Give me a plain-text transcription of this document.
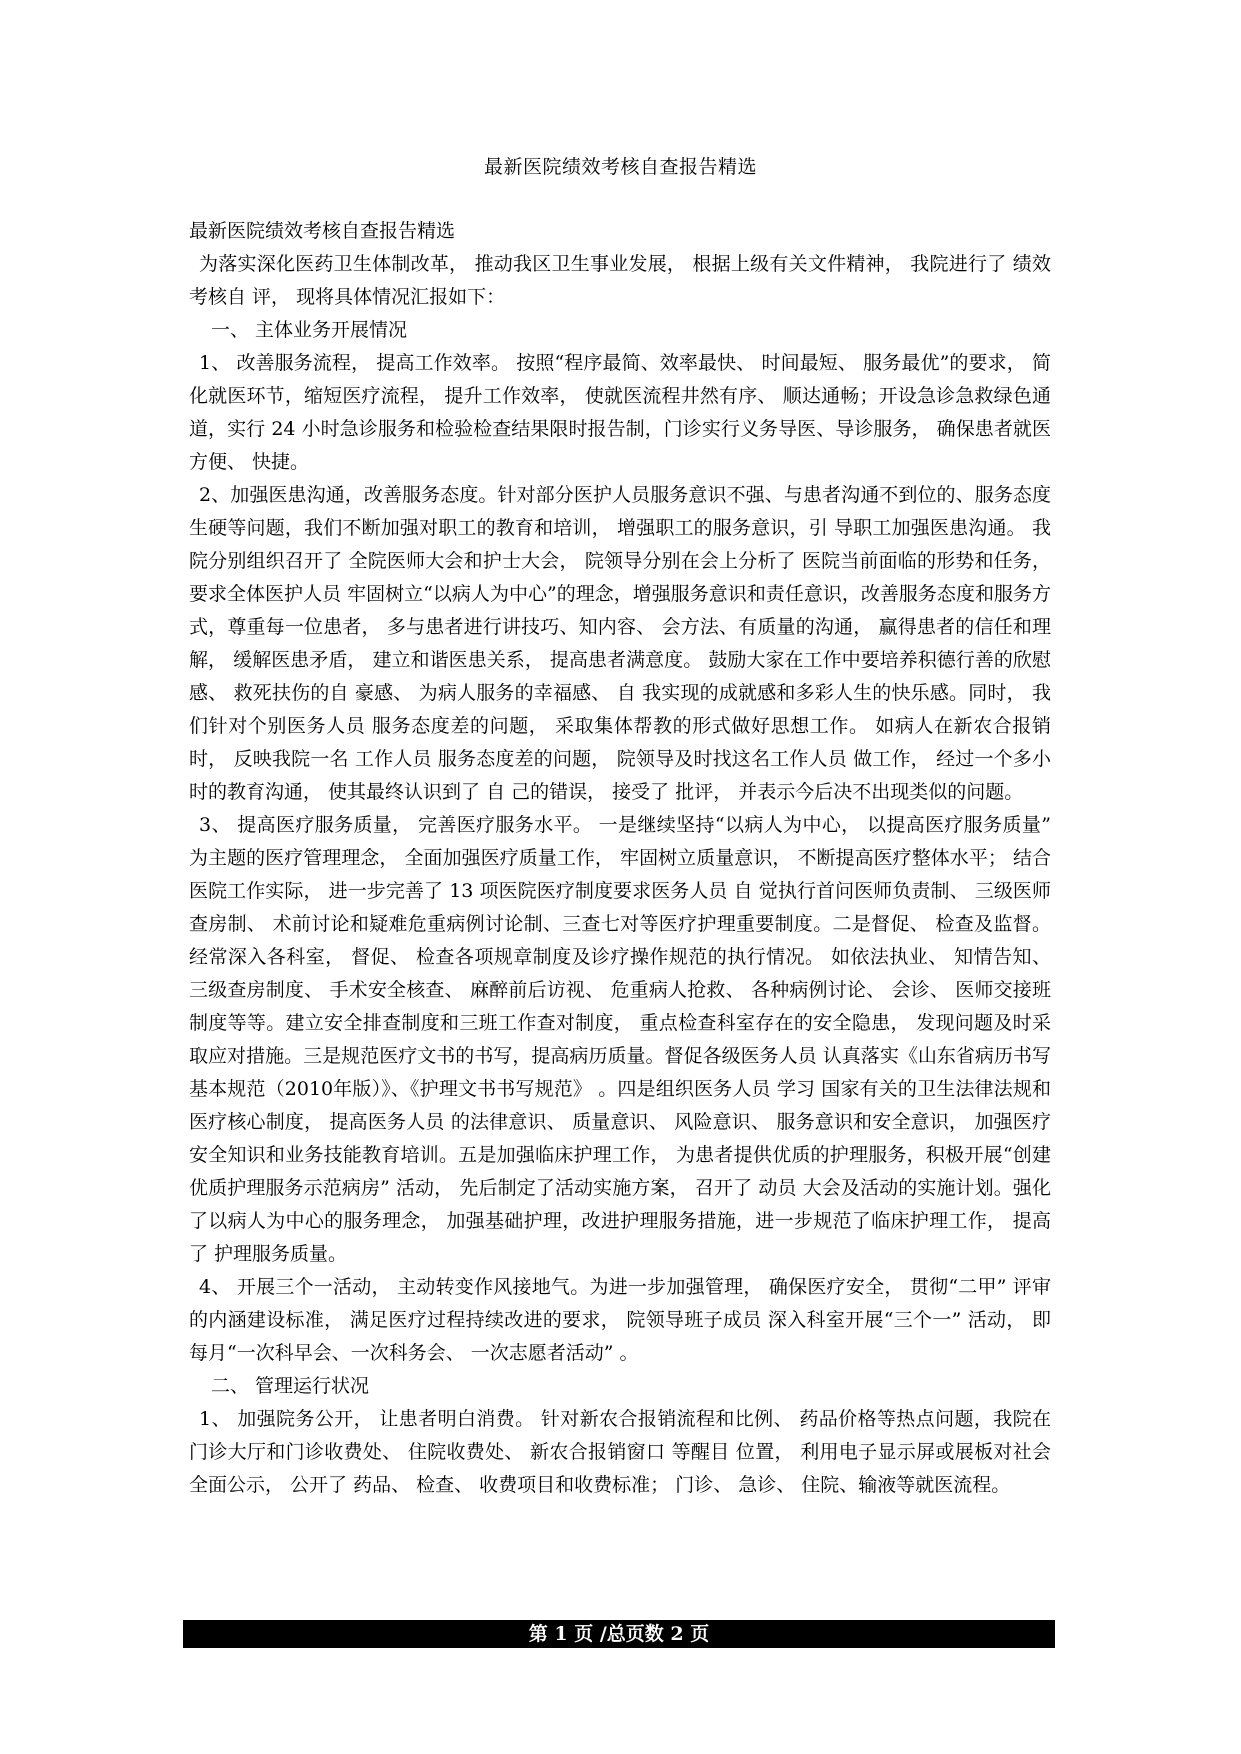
最新医院绩效考核自查报告精选

最新医院绩效考核自查报告精选

为落实深化医药卫生体制改革， 推动我区卫生事业发展， 根据上级有关文件精神， 我院进行了 绩效考核自 评， 现将具体情况汇报如下：

一、 主体业务开展情况

1、 改善服务流程， 提高工作效率。 按照“程序最简、效率最快、 时间最短、 服务最优”的要求， 简化就医环节，缩短医疗流程， 提升工作效率， 使就医流程井然有序、 顺达通畅；开设急诊急救绿色通道，实行 24 小时急诊服务和检验检查结果限时报告制，门诊实行义务导医、导诊服务， 确保患者就医方便、 快捷。

2、加强医患沟通，改善服务态度。针对部分医护人员服务意识不强、与患者沟通不到位的、服务态度生硬等问题，我们不断加强对职工的教育和培训， 增强职工的服务意识，引 导职工加强医患沟通。 我院分别组织召开了 全院医师大会和护士大会， 院领导分别在会上分析了 医院当前面临的形势和任务， 要求全体医护人员 牢固树立“以病人为中心”的理念，增强服务意识和责任意识，改善服务态度和服务方式，尊重每一位患者， 多与患者进行讲技巧、知内容、 会方法、有质量的沟通， 赢得患者的信任和理解， 缓解医患矛盾， 建立和谐医患关系， 提高患者满意度。 鼓励大家在工作中要培养积德行善的欣慰感、 救死扶伤的自 豪感、 为病人服务的幸福感、 自 我实现的成就感和多彩人生的快乐感。同时， 我们针对个别医务人员 服务态度差的问题， 采取集体帮教的形式做好思想工作。 如病人在新农合报销时， 反映我院一名 工作人员 服务态度差的问题， 院领导及时找这名工作人员 做工作， 经过一个多小时的教育沟通， 使其最终认识到了 自 己的错误， 接受了 批评， 并表示今后决不出现类似的问题。

3、 提高医疗服务质量， 完善医疗服务水平。 一是继续坚持“以病人为中心， 以提高医疗服务质量” 为主题的医疗管理理念， 全面加强医疗质量工作， 牢固树立质量意识， 不断提高医疗整体水平； 结合医院工作实际， 进一步完善了 13 项医院医疗制度要求医务人员 自 觉执行首问医师负责制、 三级医师查房制、 术前讨论和疑难危重病例讨论制、三查七对等医疗护理重要制度。二是督促、 检查及监督。 经常深入各科室， 督促、 检查各项规章制度及诊疗操作规范的执行情况。 如依法执业、 知情告知、 三级查房制度、 手术安全核查、 麻醉前后访视、 危重病人抢救、 各种病例讨论、 会诊、 医师交接班制度等等。建立安全排查制度和三班工作查对制度， 重点检查科室存在的安全隐患， 发现问题及时采取应对措施。三是规范医疗文书的书写，提高病历质量。督促各级医务人员 认真落实《山东省病历书写基本规范（2010年版）》、《护理文书书写规范》 。四是组织医务人员 学习 国家有关的卫生法律法规和医疗核心制度， 提高医务人员 的法律意识、 质量意识、 风险意识、 服务意识和安全意识， 加强医疗安全知识和业务技能教育培训。五是加强临床护理工作， 为患者提供优质的护理服务，积极开展“创建优质护理服务示范病房” 活动， 先后制定了活动实施方案， 召开了 动员 大会及活动的实施计划。强化了以病人为中心的服务理念， 加强基础护理，改进护理服务措施，进一步规范了临床护理工作， 提高了 护理服务质量。

4、 开展三个一活动， 主动转变作风接地气。为进一步加强管理， 确保医疗安全， 贯彻“二甲” 评审的内涵建设标准， 满足医疗过程持续改进的要求， 院领导班子成员 深入科室开展“三个一” 活动， 即每月“一次科早会、一次科务会、 一次志愿者活动” 。

二、 管理运行状况

1、 加强院务公开， 让患者明白消费。 针对新农合报销流程和比例、 药品价格等热点问题，我院在门诊大厅和门诊收费处、 住院收费处、 新农合报销窗口 等醒目 位置， 利用电子显示屏或展板对社会全面公示， 公开了 药品、 检查、 收费项目和收费标准； 门诊、 急诊、 住院、输液等就医流程。

第 1 页 /总页数 2 页
